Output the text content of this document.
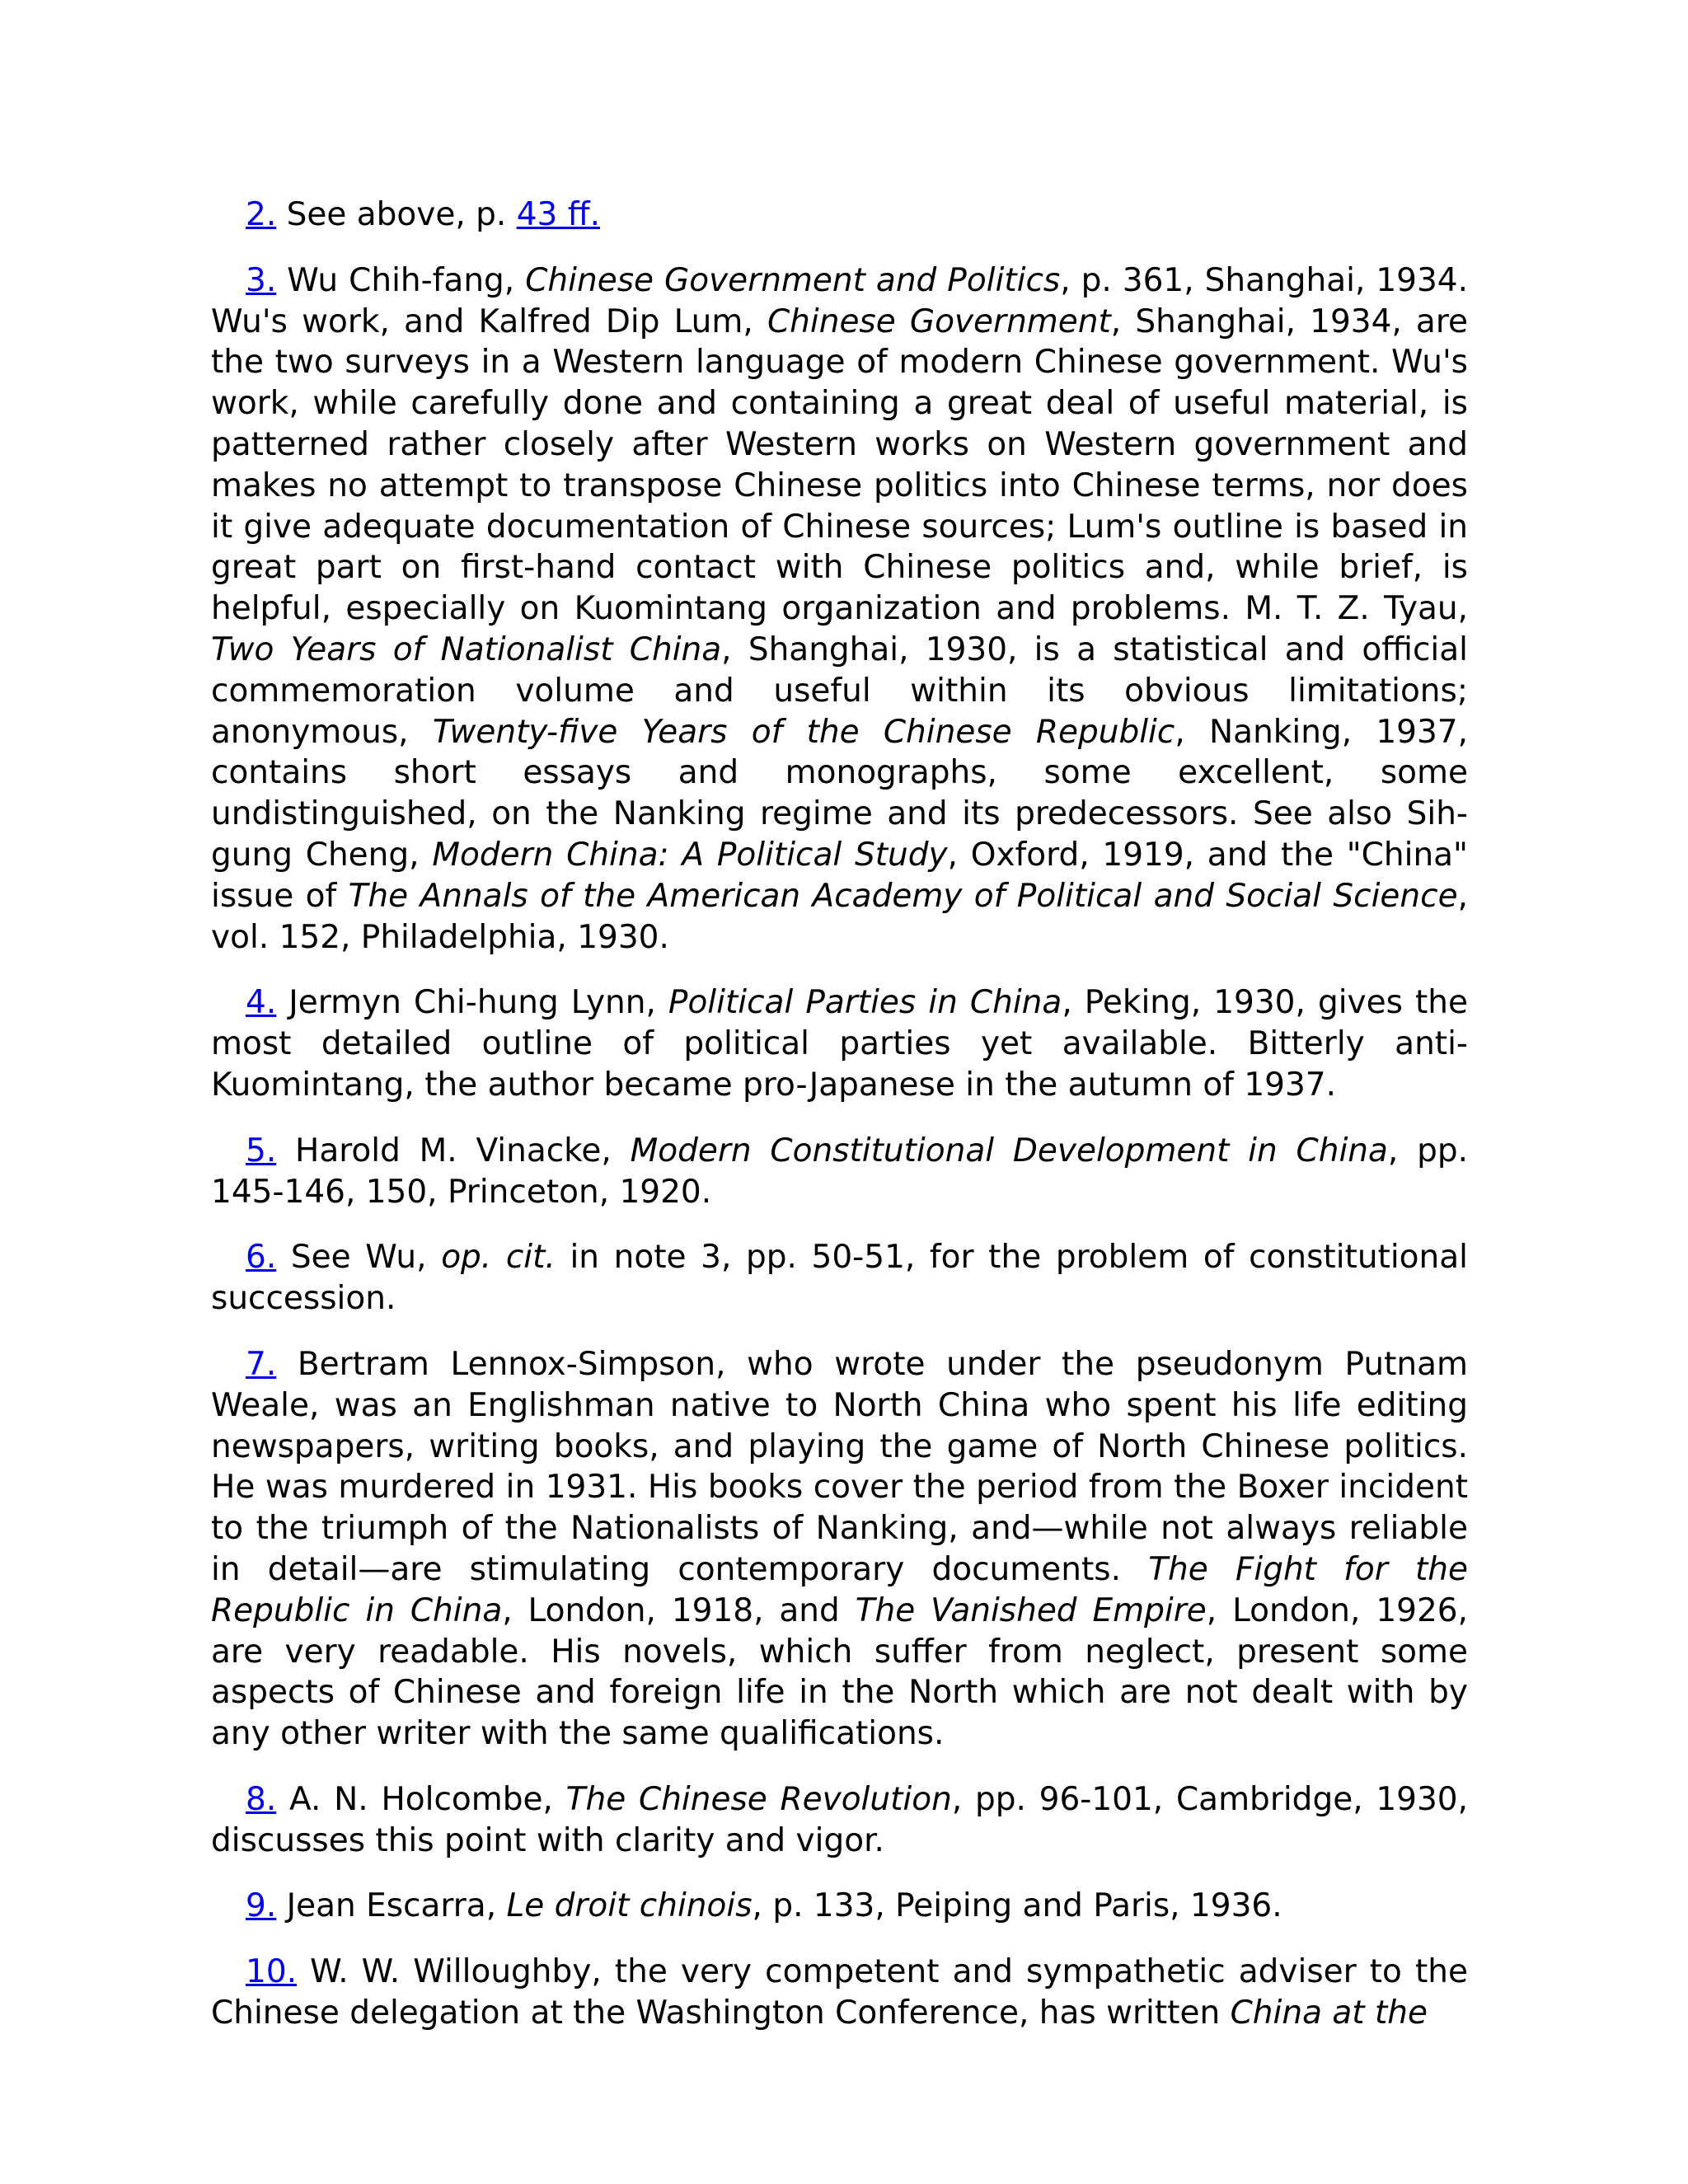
2. See above, p. 43 ff.

3. Wu Chih-fang, Chinese Government and Politics, p. 361, Shanghai, 1934. Wu's work, and Kalfred Dip Lum, Chinese Government, Shanghai, 1934, are the two surveys in a Western language of modern Chinese government. Wu's work, while carefully done and containing a great deal of useful material, is patterned rather closely after Western works on Western government and makes no attempt to transpose Chinese politics into Chinese terms, nor does it give adequate documentation of Chinese sources; Lum's outline is based in great part on first-hand contact with Chinese politics and, while brief, is helpful, especially on Kuomintang organization and problems. M. T. Z. Tyau, Two Years of Nationalist China, Shanghai, 1930, is a statistical and official commemoration volume and useful within its obvious limitations; anonymous, Twenty-five Years of the Chinese Republic, Nanking, 1937, contains short essays and monographs, some excellent, some undistinguished, on the Nanking regime and its predecessors. See also Sih-gung Cheng, Modern China: A Political Study, Oxford, 1919, and the "China" issue of The Annals of the American Academy of Political and Social Science, vol. 152, Philadelphia, 1930.

4. Jermyn Chi-hung Lynn, Political Parties in China, Peking, 1930, gives the most detailed outline of political parties yet available. Bitterly anti-Kuomintang, the author became pro-Japanese in the autumn of 1937.

5. Harold M. Vinacke, Modern Constitutional Development in China, pp. 145-146, 150, Princeton, 1920.

6. See Wu, op. cit. in note 3, pp. 50-51, for the problem of constitutional succession.

7. Bertram Lennox-Simpson, who wrote under the pseudonym Putnam Weale, was an Englishman native to North China who spent his life editing newspapers, writing books, and playing the game of North Chinese politics. He was murdered in 1931. His books cover the period from the Boxer incident to the triumph of the Nationalists of Nanking, and—while not always reliable in detail—are stimulating contemporary documents. The Fight for the Republic in China, London, 1918, and The Vanished Empire, London, 1926, are very readable. His novels, which suffer from neglect, present some aspects of Chinese and foreign life in the North which are not dealt with by any other writer with the same qualifications.

8. A. N. Holcombe, The Chinese Revolution, pp. 96-101, Cambridge, 1930, discusses this point with clarity and vigor.

9. Jean Escarra, Le droit chinois, p. 133, Peiping and Paris, 1936.

10. W. W. Willoughby, the very competent and sympathetic adviser to the Chinese delegation at the Washington Conference, has written China at the
